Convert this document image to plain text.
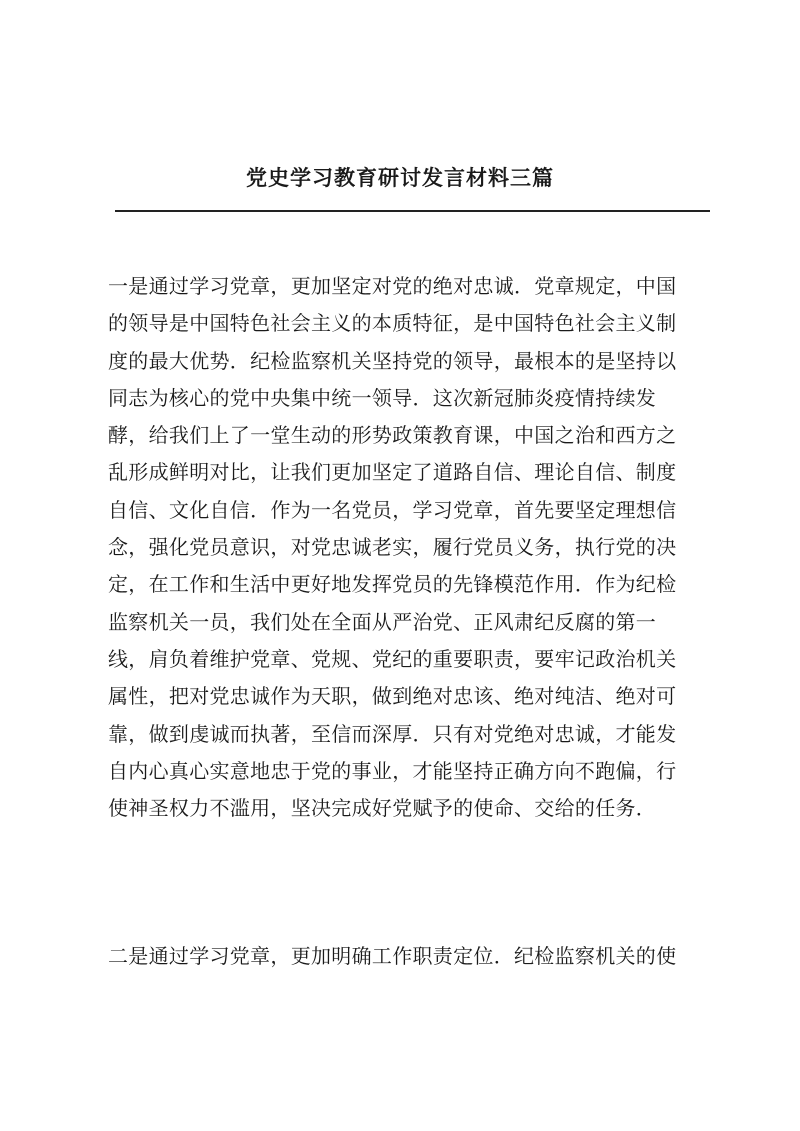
党史学习教育研讨发言材料三篇

一是通过学习党章，更加坚定对党的绝对忠诚．党章规定，中国
的领导是中国特色社会主义的本质特征，是中国特色社会主义制
度的最大优势．纪检监察机关坚持党的领导，最根本的是坚持以
同志为核心的党中央集中统一领导．这次新冠肺炎疫情持续发
酵，给我们上了一堂生动的形势政策教育课，中国之治和西方之
乱形成鲜明对比，让我们更加坚定了道路自信、理论自信、制度
自信、文化自信．作为一名党员，学习党章，首先要坚定理想信
念，强化党员意识，对党忠诚老实，履行党员义务，执行党的决
定，在工作和生活中更好地发挥党员的先锋模范作用．作为纪检
监察机关一员，我们处在全面从严治党、正风肃纪反腐的第一
线，肩负着维护党章、党规、党纪的重要职责，要牢记政治机关
属性，把对党忠诚作为天职，做到绝对忠该、绝对纯洁、绝对可
靠，做到虔诚而执著，至信而深厚．只有对党绝对忠诚，才能发
自内心真心实意地忠于党的事业，才能坚持正确方向不跑偏，行
使神圣权力不滥用，坚决完成好党赋予的使命、交给的任务．

二是通过学习党章，更加明确工作职责定位．纪检监察机关的使
